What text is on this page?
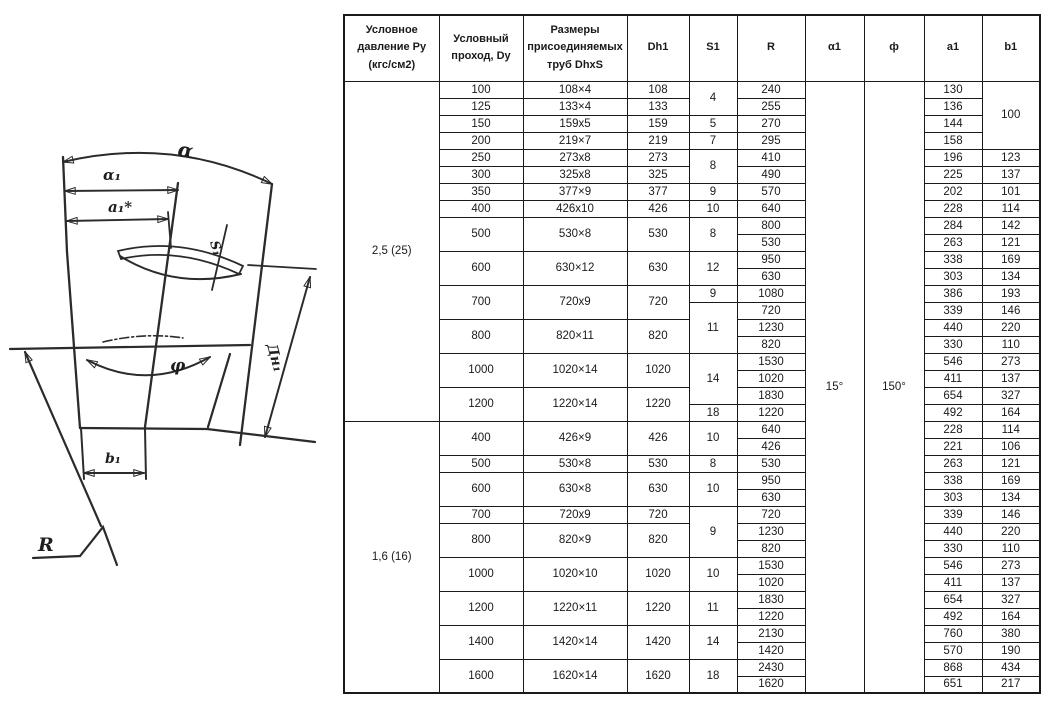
α
α₁
a₁*
S₁
Дн₁
φ
b₁
R
Условное давление Ру (кгс/см2)	Условный проход, Dy	Размеры присоединяемых труб DhxS	Dh1	S1	R	α1	ф	a1	b1
2,5 (25)	100	108×4	108	4	240	15°	150°	130	100
	125	133×4	133		255			136	
	150	159x5	159	5	270			144	
	200	219×7	219	7	295			158	
	250	273x8	273	8	410			196	123
	300	325x8	325		490			225	137
	350	377×9	377	9	570			202	101
	400	426x10	426	10	640			228	114
	500	530×8	530	8	800			284	142
					530			263	121
	600	630×12	630	12	950			338	169
					630			303	134
	700	720x9	720	9	1080			386	193
				11	720			339	146
	800	820×11	820		1230			440	220
					820			330	110
	1000	1020×14	1020	14	1530			546	273
					1020			411	137
	1200	1220×14	1220		1830			654	327
				18	1220			492	164
1,6 (16)	400	426×9	426	10	640			228	114
					426			221	106
	500	530×8	530	8	530			263	121
	600	630×8	630	10	950			338	169
					630			303	134
	700	720x9	720	9	720			339	146
	800	820×9	820		1230			440	220
					820			330	110
	1000	1020×10	1020	10	1530			546	273
					1020			411	137
	1200	1220×11	1220	11	1830			654	327
					1220			492	164
	1400	1420×14	1420	14	2130			760	380
					1420			570	190
	1600	1620×14	1620	18	2430			868	434
					1620			651	217
